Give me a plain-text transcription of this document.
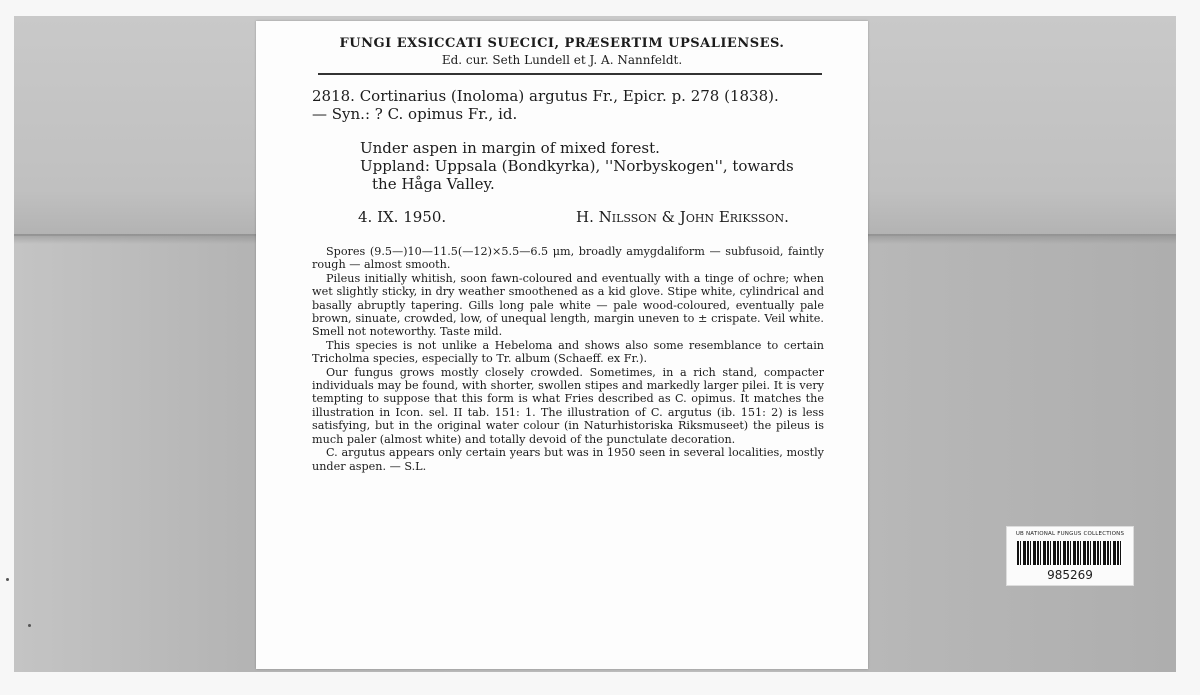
FUNGI EXSICCATI SUECICI, PRÆSERTIM UPSALIENSES.
Ed. cur. Seth Lundell et J. A. Nannfeldt.
2818. Cortinarius (Inoloma) argutus Fr., Epicr. p. 278 (1838).
— Syn.: ? C. opimus Fr., id.
Under aspen in margin of mixed forest.
Uppland: Uppsala (Bondkyrka), ''Norbyskogen'', towards
the Håga Valley.
4. IX. 1950.	H. Nilsson & John Eriksson.

Spores (9.5—)10—11.5(—12)×5.5—6.5 μm, broadly amygdaliform — subfusoid, faintly rough — almost smooth.

Pileus initially whitish, soon fawn-coloured and eventually with a tinge of ochre; when wet slightly sticky, in dry weather smoothened as a kid glove. Stipe white, cylindrical and basally abruptly tapering. Gills long pale white — pale wood-coloured, eventually pale brown, sinuate, crowded, low, of unequal length, margin uneven to ± crispate. Veil white. Smell not noteworthy. Taste mild.

This species is not unlike a Hebeloma and shows also some resemblance to certain Tricholma species, especially to Tr. album (Schaeff. ex Fr.).

Our fungus grows mostly closely crowded. Sometimes, in a rich stand, compacter individuals may be found, with shorter, swollen stipes and markedly larger pilei. It is very tempting to suppose that this form is what Fries described as C. opimus. It matches the illustration in Icon. sel. II tab. 151: 1. The illustration of C. argutus (ib. 151: 2) is less satisfying, but in the original water colour (in Naturhistoriska Riksmuseet) the pileus is much paler (almost white) and totally devoid of the punctulate decoration.

C. argutus appears only certain years but was in 1950 seen in several localities, mostly under aspen. — S.L.

UB NATIONAL FUNGUS COLLECTIONS
985269
